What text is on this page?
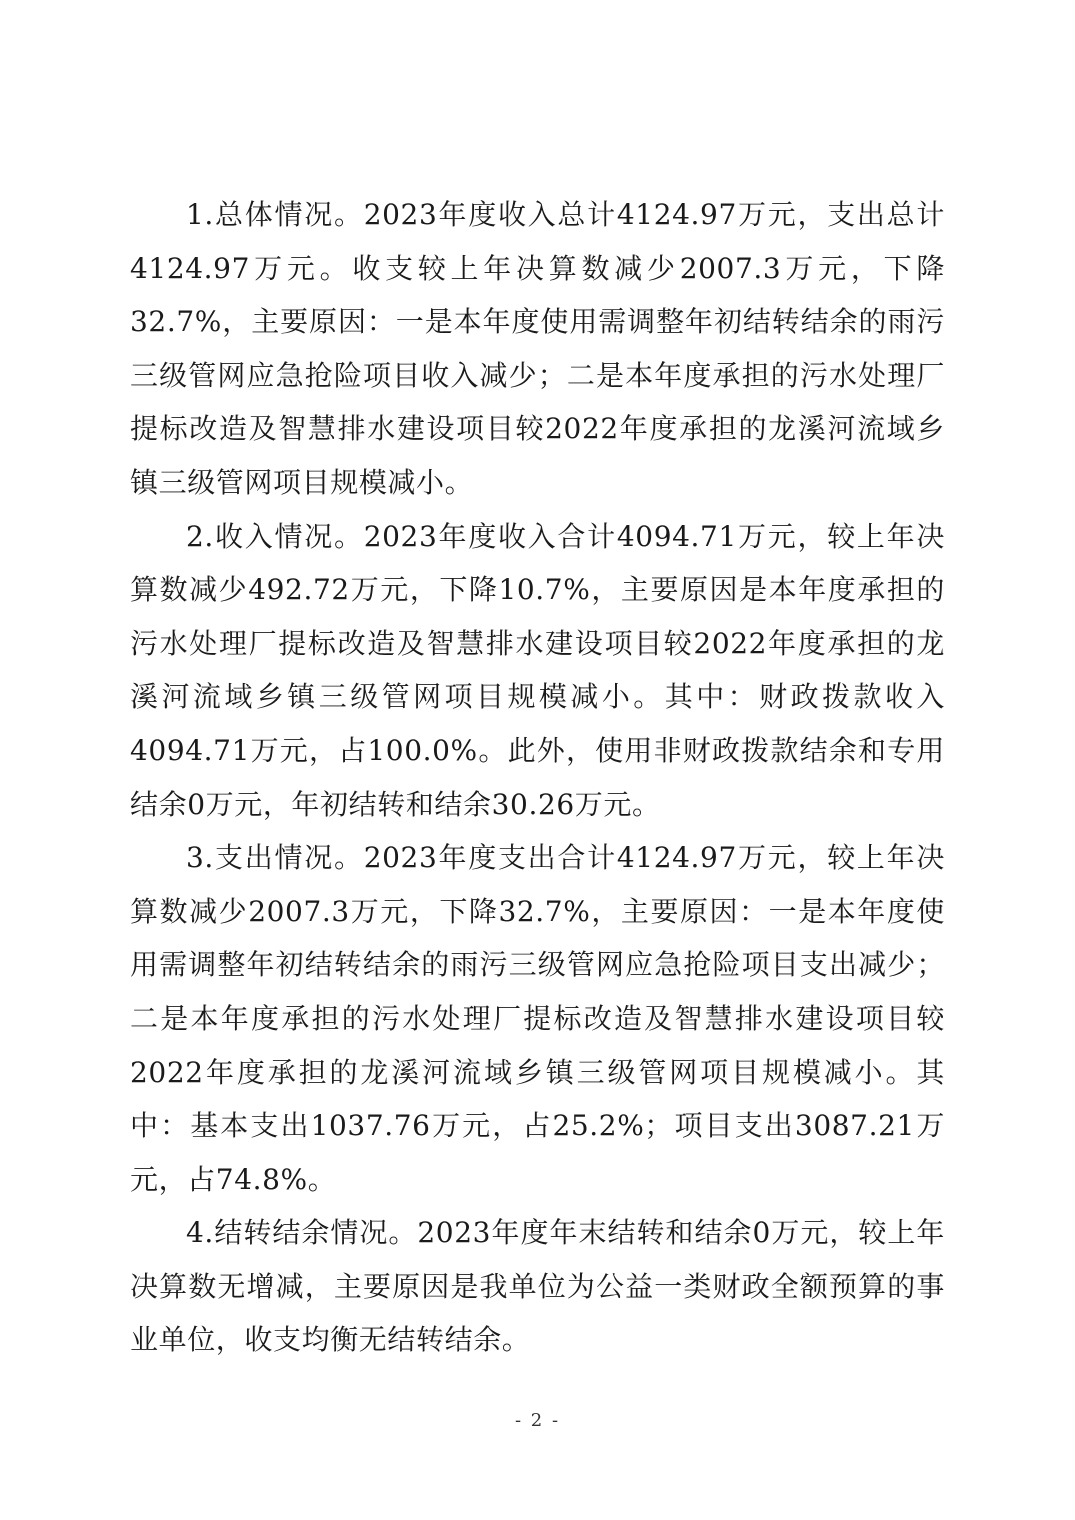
1.总体情况。2023年度收入总计4124.97万元，支出总计4124.97万元。收支较上年决算数减少2007.3万元，下降32.7%，主要原因：一是本年度使用需调整年初结转结余的雨污三级管网应急抢险项目收入减少；二是本年度承担的污水处理厂提标改造及智慧排水建设项目较2022年度承担的龙溪河流域乡镇三级管网项目规模减小。

2.收入情况。2023年度收入合计4094.71万元，较上年决算数减少492.72万元，下降10.7%，主要原因是本年度承担的污水处理厂提标改造及智慧排水建设项目较2022年度承担的龙溪河流域乡镇三级管网项目规模减小。其中：财政拨款收入4094.71万元，占100.0%。此外，使用非财政拨款结余和专用结余0万元，年初结转和结余30.26万元。

3.支出情况。2023年度支出合计4124.97万元，较上年决算数减少2007.3万元，下降32.7%，主要原因：一是本年度使用需调整年初结转结余的雨污三级管网应急抢险项目支出减少；二是本年度承担的污水处理厂提标改造及智慧排水建设项目较2022年度承担的龙溪河流域乡镇三级管网项目规模减小。其中：基本支出1037.76万元，占25.2%；项目支出3087.21万元，占74.8%。

4.结转结余情况。2023年度年末结转和结余0万元，较上年决算数无增减，主要原因是我单位为公益一类财政全额预算的事业单位，收支均衡无结转结余。

- 2 -
